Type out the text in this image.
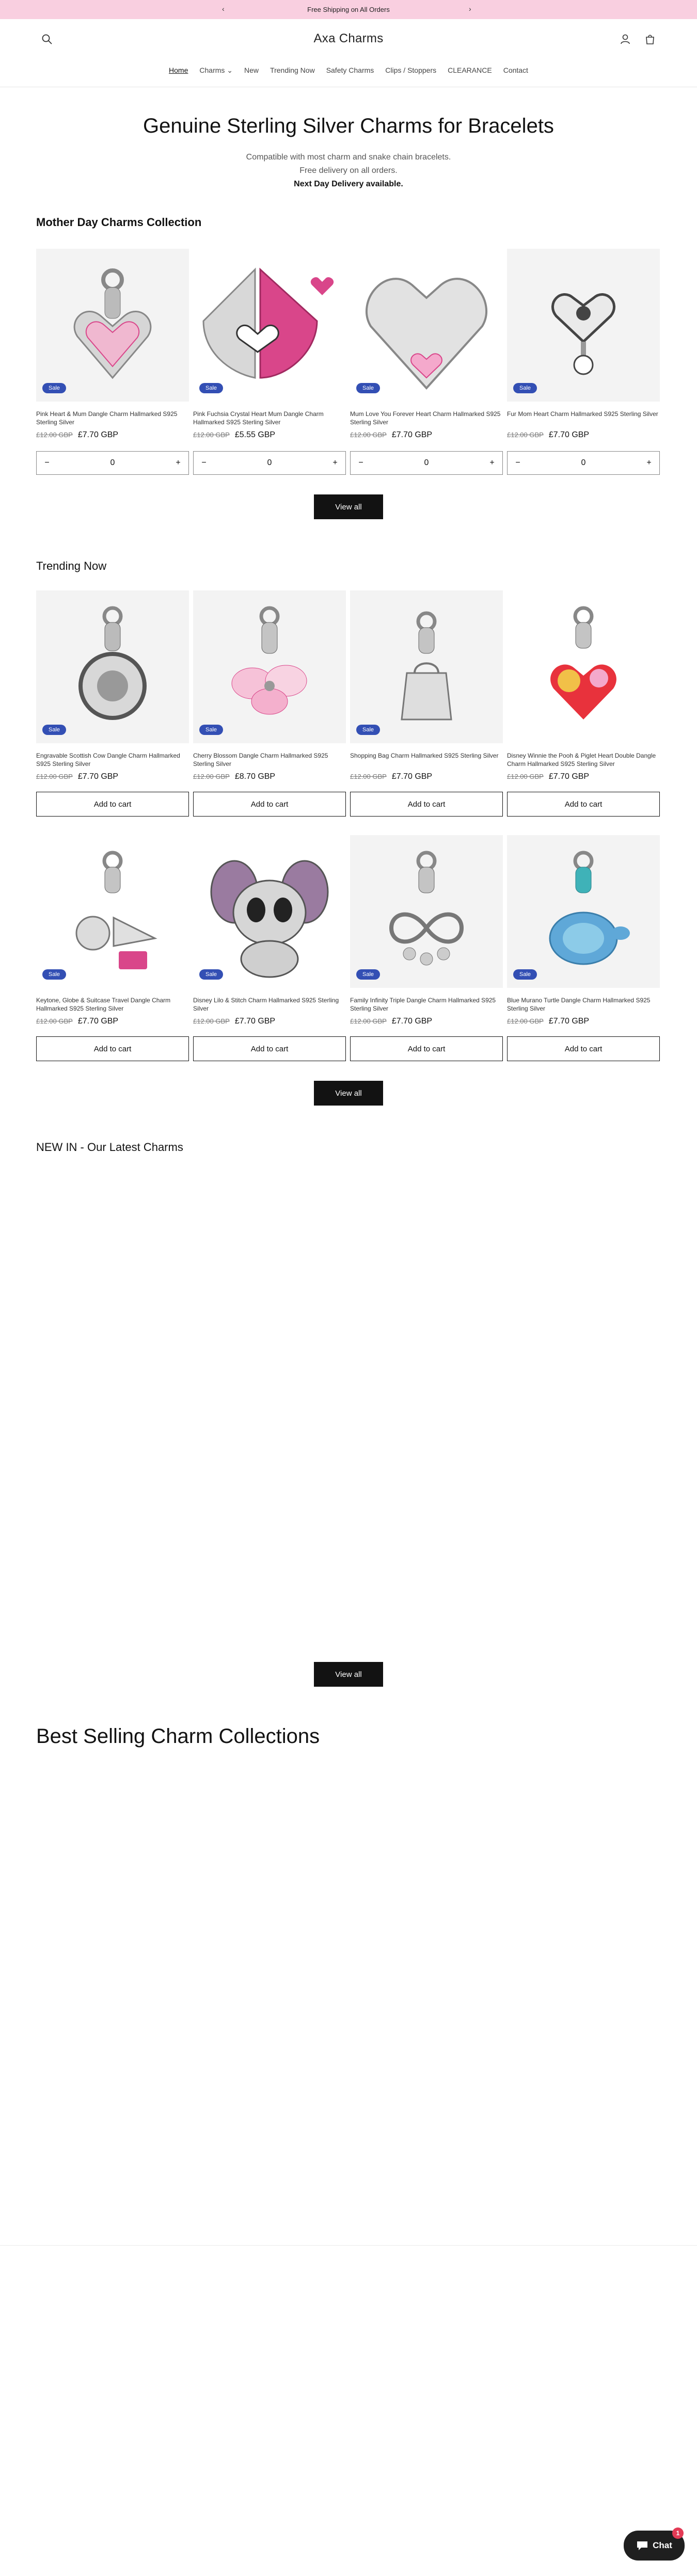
‹	Free Shipping on All Orders	›
Axa Charms
Home Charms ⌄ New Trending Now Safety Charms Clips / Stoppers CLEARANCE Contact
Genuine Sterling Silver Charms for Bracelets
Compatible with most charm and snake chain bracelets.
Free delivery on all orders.
Next Day Delivery available.
Mother Day Charms Collection
Sale
Pink Heart & Mum Dangle Charm Hallmarked S925 Sterling Silver
£12.00 GBP £7.70 GBP
−	0	+
Sale
Pink Fuchsia Crystal Heart Mum Dangle Charm Hallmarked S925 Sterling Silver
£12.00 GBP £5.55 GBP
−	0	+
Sale
Mum Love You Forever Heart Charm Hallmarked S925 Sterling Silver
£12.00 GBP £7.70 GBP
−	0	+
Sale
Fur Mom Heart Charm Hallmarked S925 Sterling Silver
£12.00 GBP £7.70 GBP
−	0	+
View all
Trending Now
Sale
Engravable Scottish Cow Dangle Charm Hallmarked S925 Sterling Silver
£12.00 GBP £7.70 GBP
Add to cart
Sale
Cherry Blossom Dangle Charm Hallmarked S925 Sterling Silver
£12.00 GBP £8.70 GBP
Add to cart
Sale
Shopping Bag Charm Hallmarked S925 Sterling Silver
£12.00 GBP £7.70 GBP
Add to cart
Disney Winnie the Pooh & Piglet Heart Double Dangle Charm Hallmarked S925 Sterling Silver
£12.00 GBP £7.70 GBP
Add to cart
Sale
Keytone, Globe & Suitcase Travel Dangle Charm Hallmarked S925 Sterling Silver
£12.00 GBP £7.70 GBP
Add to cart
Sale
Disney Lilo & Stitch Charm Hallmarked S925 Sterling Silver
£12.00 GBP £7.70 GBP
Add to cart
Sale
Family Infinity Triple Dangle Charm Hallmarked S925 Sterling Silver
£12.00 GBP £7.70 GBP
Add to cart
Sale
Blue Murano Turtle Dangle Charm Hallmarked S925 Sterling Silver
£12.00 GBP £7.70 GBP
Add to cart
View all
NEW IN - Our Latest Charms
View all
Best Selling Charm Collections
Chat
1
